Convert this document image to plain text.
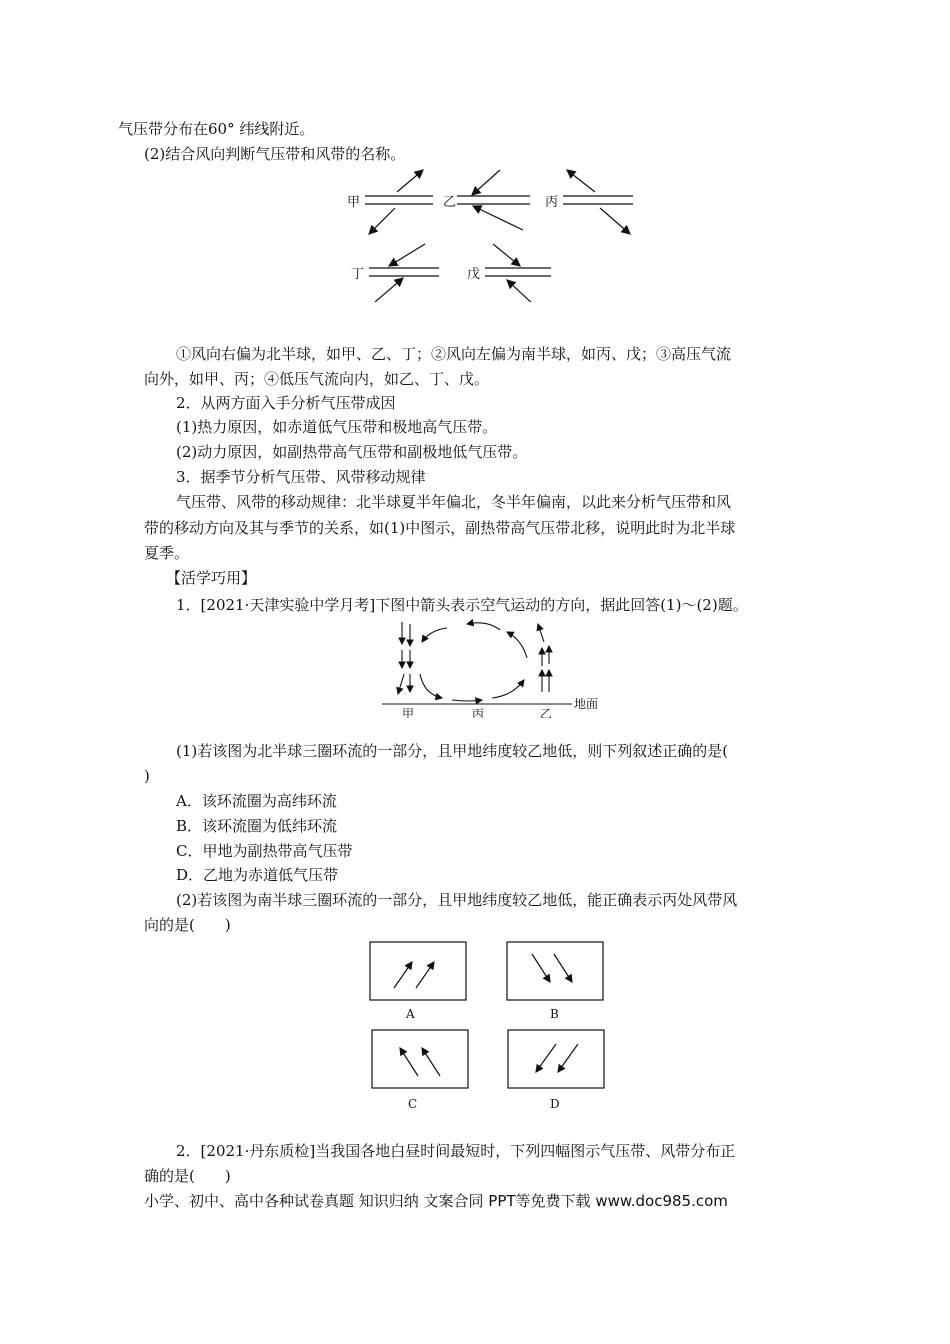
气压带分布在60° 纬线附近。
(2)结合风向判断气压带和风带的名称。
甲	乙	丙
丁	戊
①风向右偏为北半球，如甲、乙、丁；②风向左偏为南半球，如丙、戊；③高压气流
向外，如甲、丙；④低压气流向内，如乙、丁、戊。
2．从两方面入手分析气压带成因
(1)热力原因，如赤道低气压带和极地高气压带。
(2)动力原因，如副热带高气压带和副极地低气压带。
3．据季节分析气压带、风带移动规律
气压带、风带的移动规律：北半球夏半年偏北，冬半年偏南，以此来分析气压带和风
带的移动方向及其与季节的关系，如(1)中图示，副热带高气压带北移，说明此时为北半球
夏季。
【活学巧用】
1．[2021·天津实验中学月考]下图中箭头表示空气运动的方向，据此回答(1)～(2)题。
甲	丙	乙
地面
(1)若该图为北半球三圈环流的一部分，且甲地纬度较乙地低，则下列叙述正确的是(
)
A．该环流圈为高纬环流
B．该环流圈为低纬环流
C．甲地为副热带高气压带
D．乙地为赤道低气压带
(2)若该图为南半球三圈环流的一部分，且甲地纬度较乙地低，能正确表示丙处风带风
向的是(　　)
A	B
C	D
2．[2021·丹东质检]当我国各地白昼时间最短时，下列四幅图示气压带、风带分布正
确的是(　　)
小学、初中、高中各种试卷真题 知识归纳 文案合同 PPT等免费下载 www.doc985.com
